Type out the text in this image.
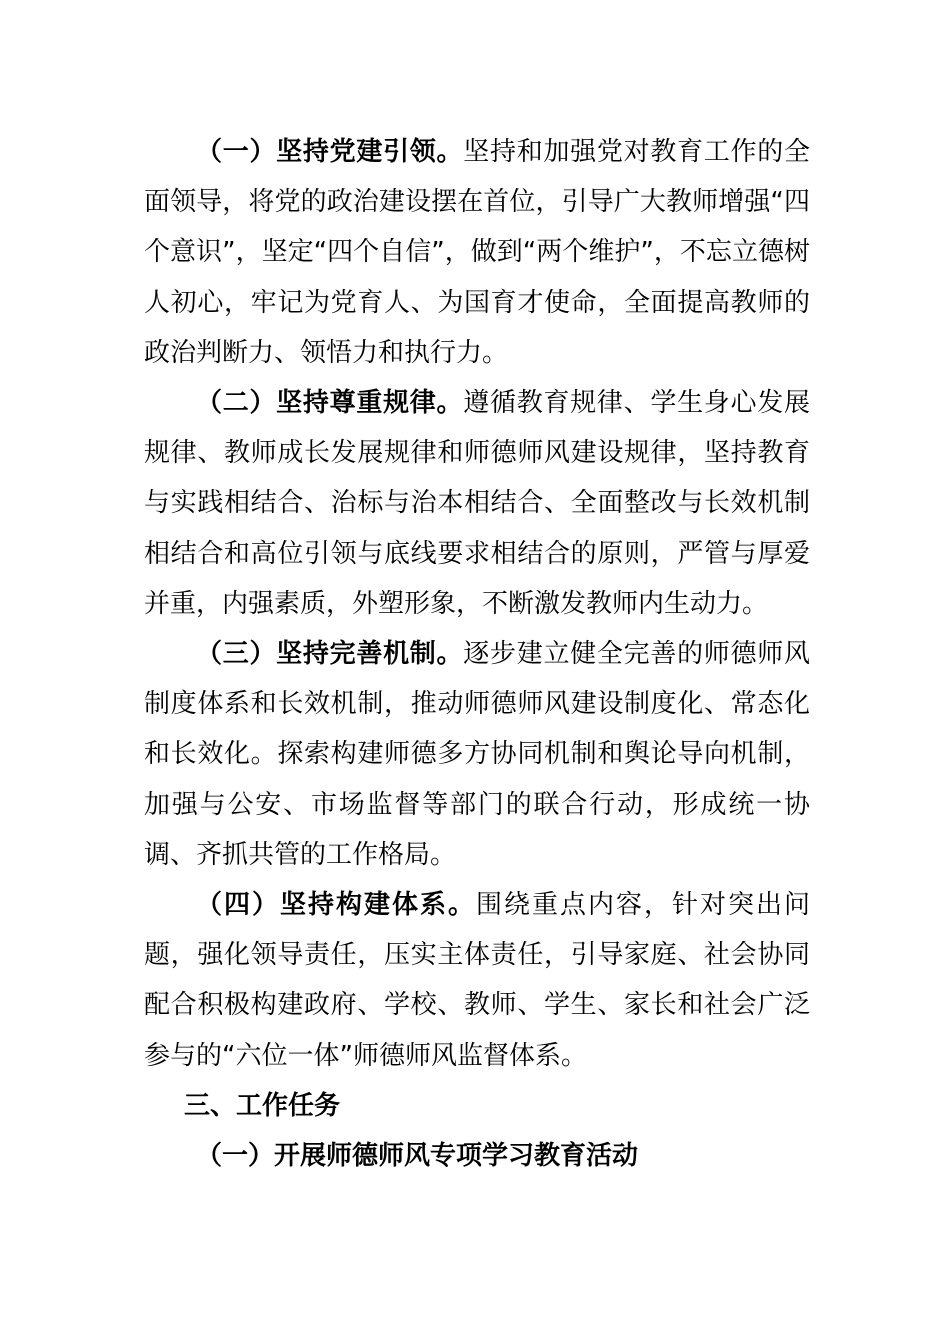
（一）坚持党建引领。坚持和加强党对教育工作的全面领导，将党的政治建设摆在首位，引导广大教师增强“四个意识”，坚定“四个自信”，做到“两个维护”，不忘立德树人初心，牢记为党育人、为国育才使命，全面提高教师的政治判断力、领悟力和执行力。

（二）坚持尊重规律。遵循教育规律、学生身心发展规律、教师成长发展规律和师德师风建设规律，坚持教育与实践相结合、治标与治本相结合、全面整改与长效机制相结合和高位引领与底线要求相结合的原则，严管与厚爱并重，内强素质，外塑形象，不断激发教师内生动力。

（三）坚持完善机制。逐步建立健全完善的师德师风制度体系和长效机制，推动师德师风建设制度化、常态化和长效化。探索构建师德多方协同机制和舆论导向机制，加强与公安、市场监督等部门的联合行动，形成统一协调、齐抓共管的工作格局。

（四）坚持构建体系。围绕重点内容，针对突出问题，强化领导责任，压实主体责任，引导家庭、社会协同配合积极构建政府、学校、教师、学生、家长和社会广泛参与的“六位一体”师德师风监督体系。

三、工作任务

（一）开展师德师风专项学习教育活动
